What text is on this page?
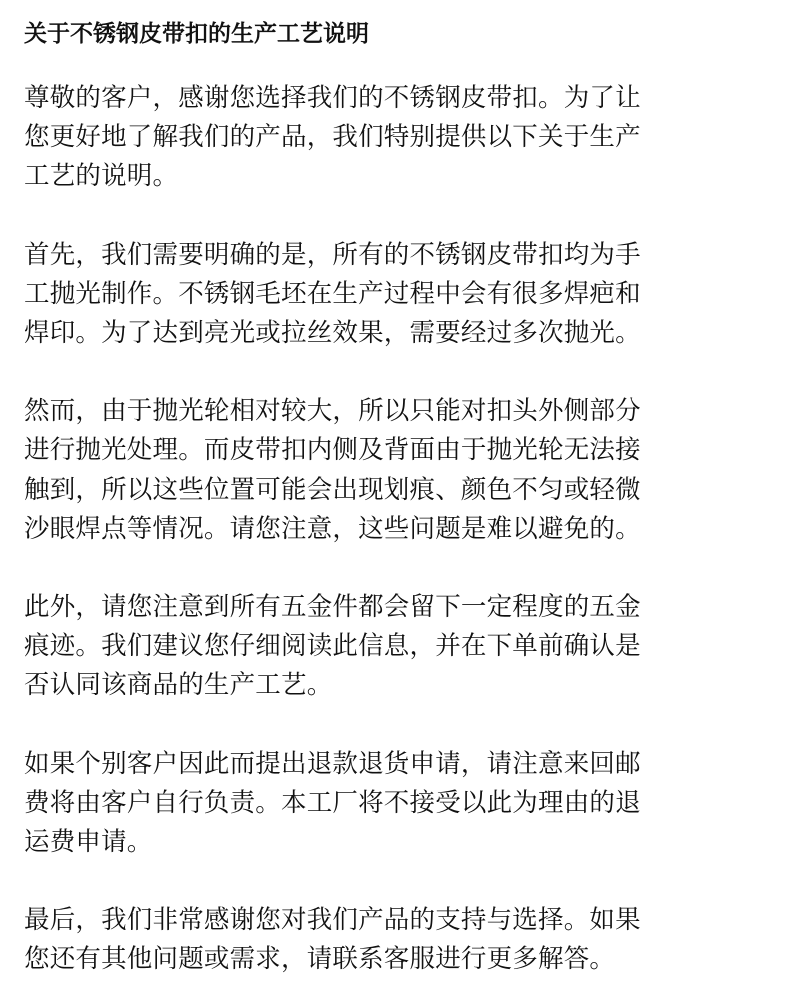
关于不锈钢皮带扣的生产工艺说明

尊敬的客户，感谢您选择我们的不锈钢皮带扣。为了让
您更好地了解我们的产品，我们特别提供以下关于生产
工艺的说明。

首先，我们需要明确的是，所有的不锈钢皮带扣均为手
工抛光制作。不锈钢毛坯在生产过程中会有很多焊疤和
焊印。为了达到亮光或拉丝效果，需要经过多次抛光。

然而，由于抛光轮相对较大，所以只能对扣头外侧部分
进行抛光处理。而皮带扣内侧及背面由于抛光轮无法接
触到，所以这些位置可能会出现划痕、颜色不匀或轻微
沙眼焊点等情况。请您注意，这些问题是难以避免的。

此外，请您注意到所有五金件都会留下一定程度的五金
痕迹。我们建议您仔细阅读此信息，并在下单前确认是
否认同该商品的生产工艺。

如果个别客户因此而提出退款退货申请，请注意来回邮
费将由客户自行负责。本工厂将不接受以此为理由的退
运费申请。

最后，我们非常感谢您对我们产品的支持与选择。如果
您还有其他问题或需求，请联系客服进行更多解答。
